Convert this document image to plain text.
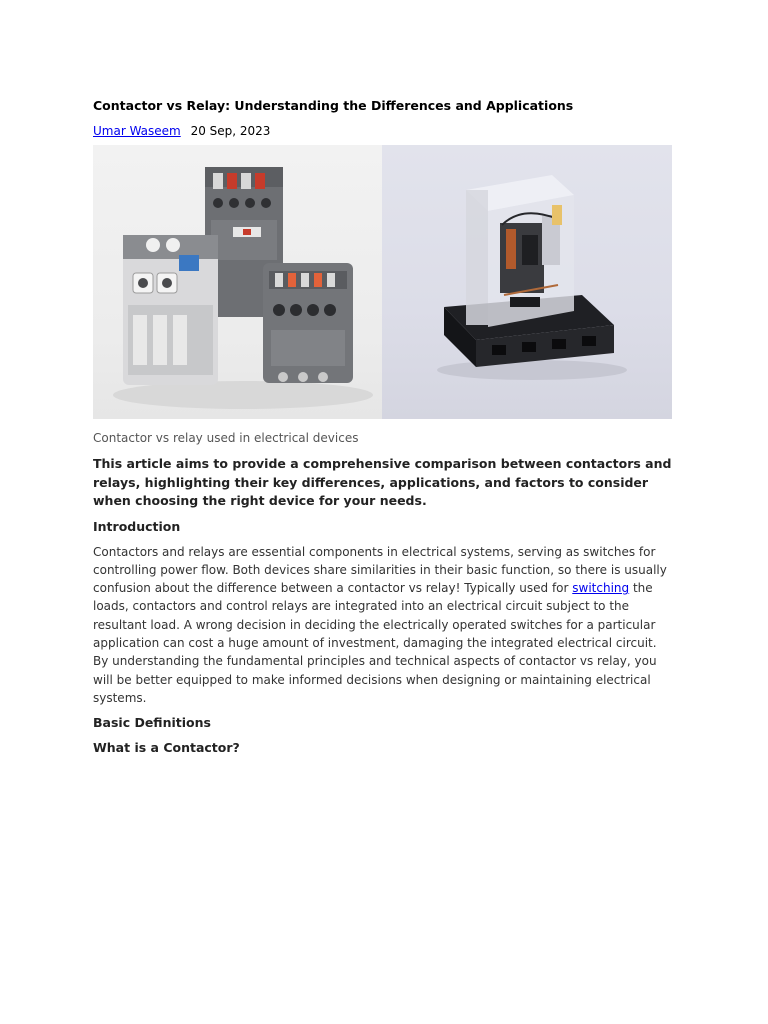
Contactor vs Relay: Understanding the Differences and Applications
Umar Waseem 20 Sep, 2023
Contactor vs relay used in electrical devices

This article aims to provide a comprehensive comparison between contactors and relays, highlighting their key differences, applications, and factors to consider when choosing the right device for your needs.

Introduction

Contactors and relays are essential components in electrical systems, serving as switches for controlling power flow. Both devices share similarities in their basic function, so there is usually confusion about the difference between a contactor vs relay! Typically used for switching the loads, contactors and control relays are integrated into an electrical circuit subject to the resultant load. A wrong decision in deciding the electrically operated switches for a particular application can cost a huge amount of investment, damaging the integrated electrical circuit. By understanding the fundamental principles and technical aspects of contactor vs relay, you will be better equipped to make informed decisions when designing or maintaining electrical systems.

Basic Definitions
What is a Contactor?
